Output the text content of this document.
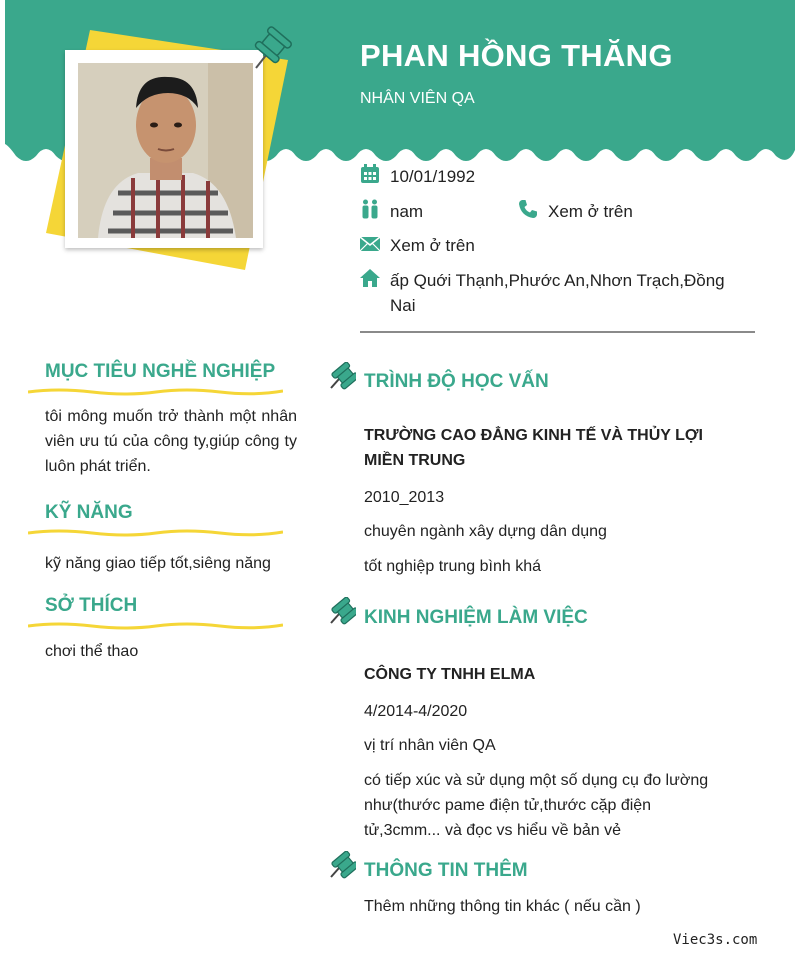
PHAN HỒNG THĂNG
NHÂN VIÊN QA
10/01/1992
nam	Xem ở trên
Xem ở trên
ấp Quới Thạnh,Phước An,Nhơn Trạch,Đồng
Nai
MỤC TIÊU NGHỀ NGHIỆP
tôi mông muốn trở thành một nhân viên ưu tú của công ty,giúp công ty luôn phát triển.
KỸ NĂNG
kỹ năng giao tiếp tốt,siêng năng
SỞ THÍCH
chơi thể thao
TRÌNH ĐỘ HỌC VẤN
TRƯỜNG CAO ĐẲNG KINH TẾ VÀ THỦY LỢI
MIỀN TRUNG
2010_2013
chuyên ngành xây dựng dân dụng
tốt nghiệp trung bình khá
KINH NGHIỆM LÀM VIỆC
CÔNG TY TNHH ELMA
4/2014-4/2020
vị trí nhân viên QA
có tiếp xúc và sử dụng một số dụng cụ đo lường
như(thước pame điện tử,thước cặp điện
tử,3cmm... và đọc vs hiểu về bản vẻ
THÔNG TIN THÊM
Thêm những thông tin khác ( nếu cần )
Viec3s.com
